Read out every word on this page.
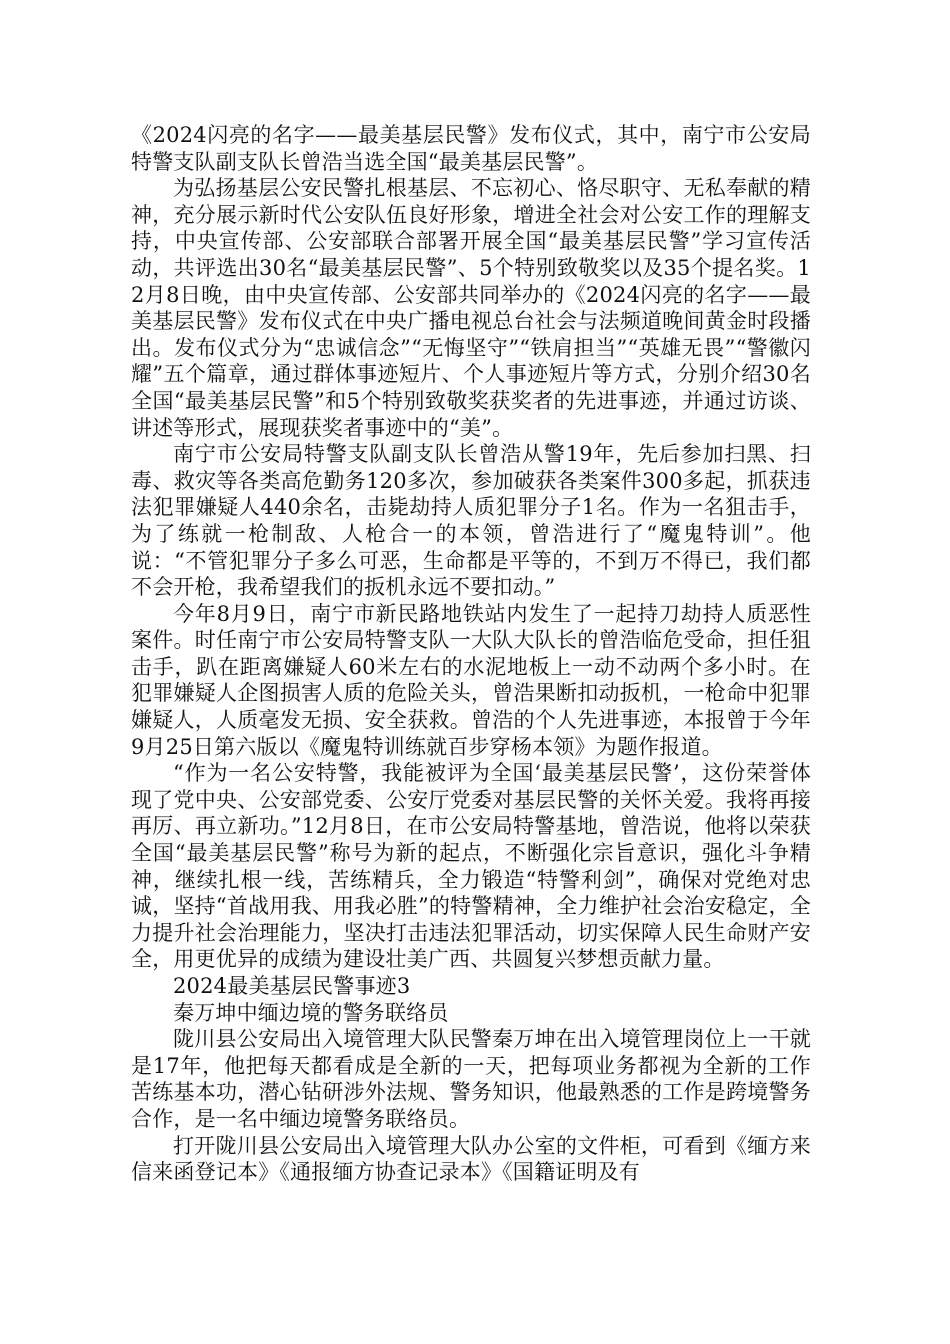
《2024闪亮的名字——最美基层民警》发布仪式，其中，南宁市公安局特警支队副支队长曾浩当选全国“最美基层民警”。

为弘扬基层公安民警扎根基层、不忘初心、恪尽职守、无私奉献的精神，充分展示新时代公安队伍良好形象，增进全社会对公安工作的理解支持，中央宣传部、公安部联合部署开展全国“最美基层民警”学习宣传活动，共评选出30名“最美基层民警”、5个特别致敬奖以及35个提名奖。12月8日晚，由中央宣传部、公安部共同举办的《2024闪亮的名字——最美基层民警》发布仪式在中央广播电视总台社会与法频道晚间黄金时段播出。发布仪式分为“忠诚信念”“无悔坚守”“铁肩担当”“英雄无畏”“警徽闪耀”五个篇章，通过群体事迹短片、个人事迹短片等方式，分别介绍30名全国“最美基层民警”和5个特别致敬奖获奖者的先进事迹，并通过访谈、讲述等形式，展现获奖者事迹中的“美”。

南宁市公安局特警支队副支队长曾浩从警19年，先后参加扫黑、扫毒、救灾等各类高危勤务120多次，参加破获各类案件300多起，抓获违法犯罪嫌疑人440余名，击毙劫持人质犯罪分子1名。作为一名狙击手，为了练就一枪制敌、人枪合一的本领，曾浩进行了“魔鬼特训”。他说：“不管犯罪分子多么可恶，生命都是平等的，不到万不得已，我们都不会开枪，我希望我们的扳机永远不要扣动。”

今年8月9日，南宁市新民路地铁站内发生了一起持刀劫持人质恶性案件。时任南宁市公安局特警支队一大队大队长的曾浩临危受命，担任狙击手，趴在距离嫌疑人60米左右的水泥地板上一动不动两个多小时。在犯罪嫌疑人企图损害人质的危险关头，曾浩果断扣动扳机，一枪命中犯罪嫌疑人，人质毫发无损、安全获救。曾浩的个人先进事迹，本报曾于今年9月25日第六版以《魔鬼特训练就百步穿杨本领》为题作报道。

“作为一名公安特警，我能被评为全国‘最美基层民警’，这份荣誉体现了党中央、公安部党委、公安厅党委对基层民警的关怀关爱。我将再接再厉、再立新功。”12月8日，在市公安局特警基地，曾浩说，他将以荣获全国“最美基层民警”称号为新的起点，不断强化宗旨意识，强化斗争精神，继续扎根一线，苦练精兵，全力锻造“特警利剑”，确保对党绝对忠诚，坚持“首战用我、用我必胜”的特警精神，全力维护社会治安稳定，全力提升社会治理能力，坚决打击违法犯罪活动，切实保障人民生命财产安全，用更优异的成绩为建设壮美广西、共圆复兴梦想贡献力量。

2024最美基层民警事迹3

秦万坤中缅边境的警务联络员

陇川县公安局出入境管理大队民警秦万坤在出入境管理岗位上一干就是17年，他把每天都看成是全新的一天，把每项业务都视为全新的工作苦练基本功，潜心钻研涉外法规、警务知识，他最熟悉的工作是跨境警务合作，是一名中缅边境警务联络员。

打开陇川县公安局出入境管理大队办公室的文件柜，可看到《缅方来信来函登记本》《通报缅方协查记录本》《国籍证明及有
